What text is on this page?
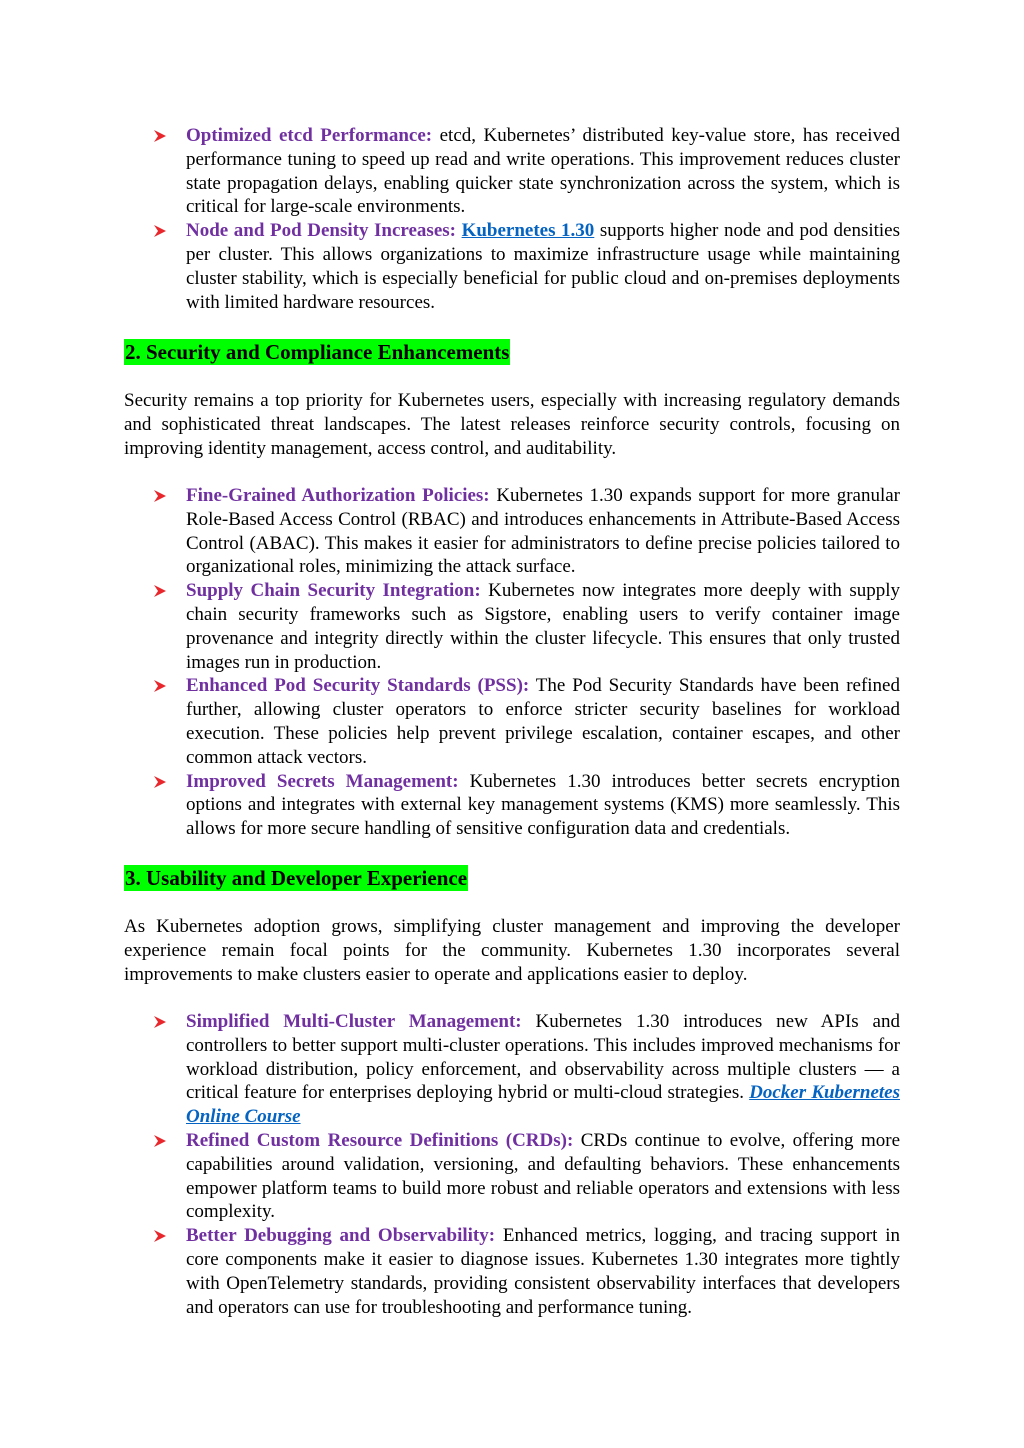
Optimized etcd Performance: etcd, Kubernetes’ distributed key-value store, has received performance tuning to speed up read and write operations. This improvement reduces cluster state propagation delays, enabling quicker state synchronization across the system, which is critical for large-scale environments.
Node and Pod Density Increases: Kubernetes 1.30 supports higher node and pod densities per cluster. This allows organizations to maximize infrastructure usage while maintaining cluster stability, which is especially beneficial for public cloud and on-premises deployments with limited hardware resources.
2. Security and Compliance Enhancements

Security remains a top priority for Kubernetes users, especially with increasing regulatory demands and sophisticated threat landscapes. The latest releases reinforce security controls, focusing on improving identity management, access control, and auditability.

Fine-Grained Authorization Policies: Kubernetes 1.30 expands support for more granular Role-Based Access Control (RBAC) and introduces enhancements in Attribute-Based Access Control (ABAC). This makes it easier for administrators to define precise policies tailored to organizational roles, minimizing the attack surface.
Supply Chain Security Integration: Kubernetes now integrates more deeply with supply chain security frameworks such as Sigstore, enabling users to verify container image provenance and integrity directly within the cluster lifecycle. This ensures that only trusted images run in production.
Enhanced Pod Security Standards (PSS): The Pod Security Standards have been refined further, allowing cluster operators to enforce stricter security baselines for workload execution. These policies help prevent privilege escalation, container escapes, and other common attack vectors.
Improved Secrets Management: Kubernetes 1.30 introduces better secrets encryption options and integrates with external key management systems (KMS) more seamlessly. This allows for more secure handling of sensitive configuration data and credentials.
3. Usability and Developer Experience

As Kubernetes adoption grows, simplifying cluster management and improving the developer experience remain focal points for the community. Kubernetes 1.30 incorporates several improvements to make clusters easier to operate and applications easier to deploy.

Simplified Multi-Cluster Management: Kubernetes 1.30 introduces new APIs and controllers to better support multi-cluster operations. This includes improved mechanisms for workload distribution, policy enforcement, and observability across multiple clusters — a critical feature for enterprises deploying hybrid or multi-cloud strategies. Docker Kubernetes Online Course
Refined Custom Resource Definitions (CRDs): CRDs continue to evolve, offering more capabilities around validation, versioning, and defaulting behaviors. These enhancements empower platform teams to build more robust and reliable operators and extensions with less complexity.
Better Debugging and Observability: Enhanced metrics, logging, and tracing support in core components make it easier to diagnose issues. Kubernetes 1.30 integrates more tightly with OpenTelemetry standards, providing consistent observability interfaces that developers and operators can use for troubleshooting and performance tuning.
